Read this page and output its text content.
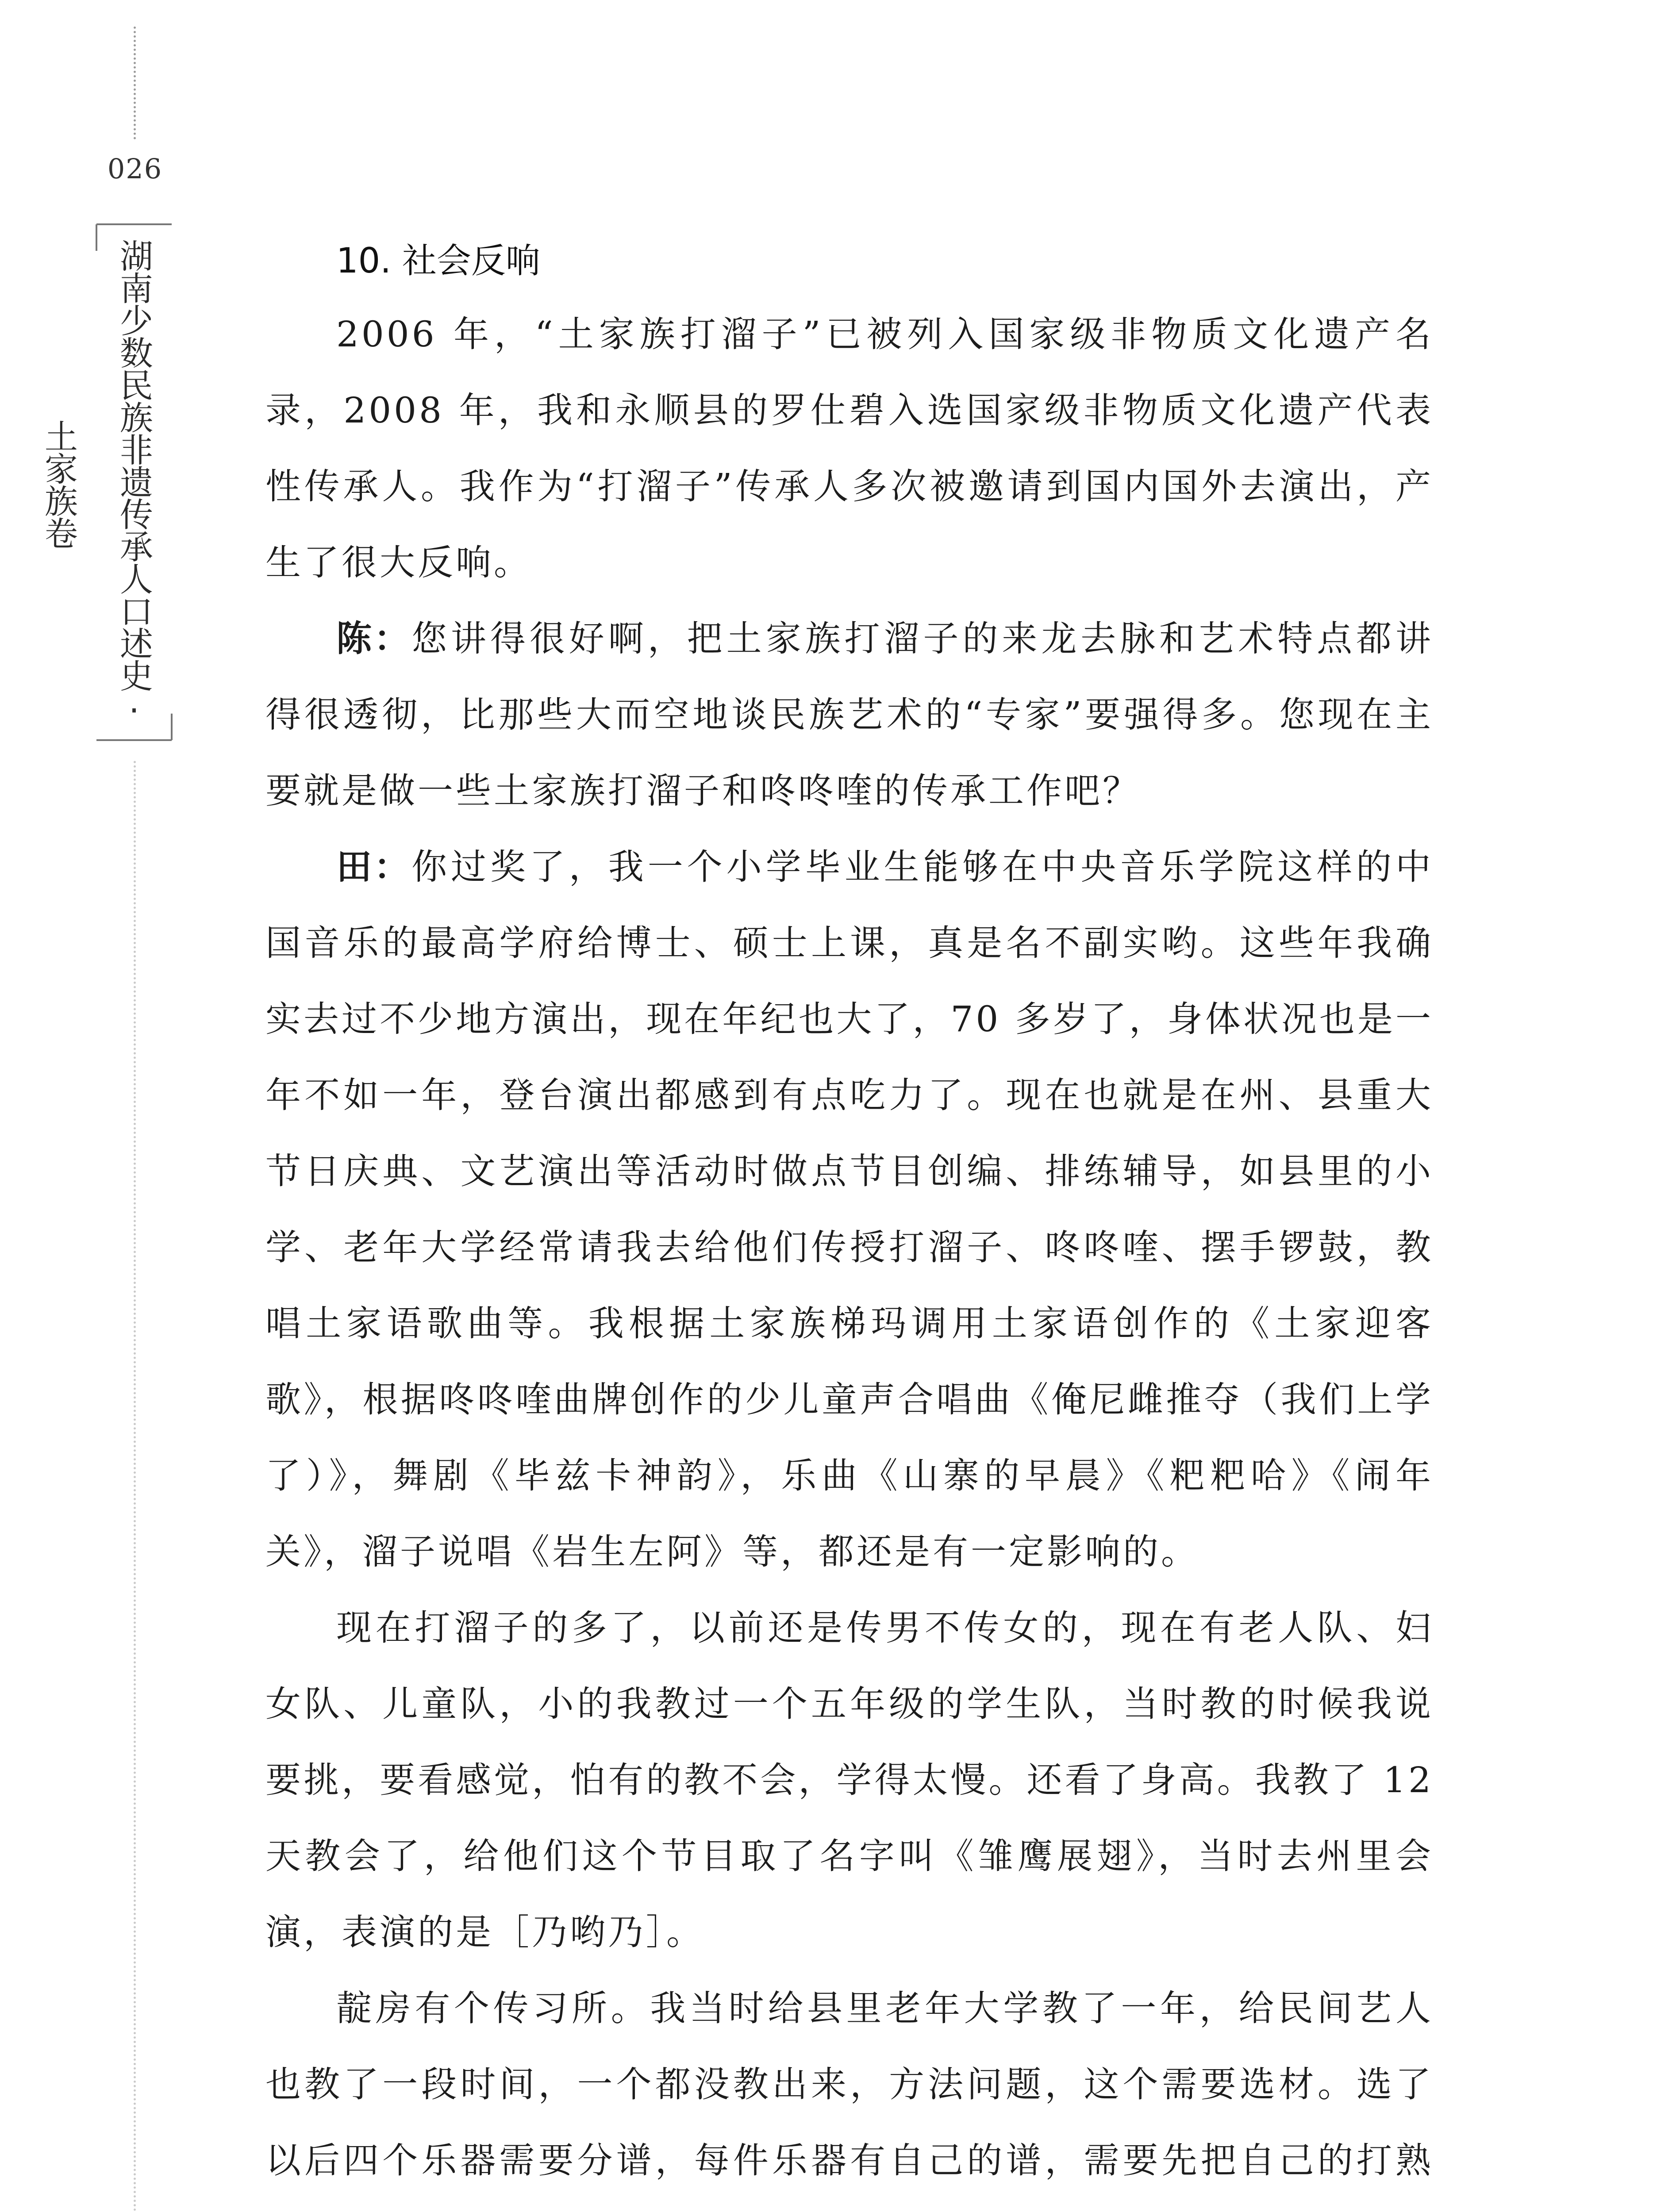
026
湖南少数民族非遗传承人口述史·土家族卷
10. 社会反响

2006 年，“土家族打溜子”已被列入国家级非物质文化遗产名录，2008 年，我和永顺县的罗仕碧入选国家级非物质文化遗产代表性传承人。我作为“打溜子”传承人多次被邀请到国内国外去演出，产生了很大反响。

陈：您讲得很好啊，把土家族打溜子的来龙去脉和艺术特点都讲得很透彻，比那些大而空地谈民族艺术的“专家”要强得多。您现在主要就是做一些土家族打溜子和咚咚喹的传承工作吧？

田：你过奖了，我一个小学毕业生能够在中央音乐学院这样的中国音乐的最高学府给博士、硕士上课，真是名不副实哟。这些年我确实去过不少地方演出，现在年纪也大了，70 多岁了，身体状况也是一年不如一年，登台演出都感到有点吃力了。现在也就是在州、县重大节日庆典、文艺演出等活动时做点节目创编、排练辅导，如县里的小学、老年大学经常请我去给他们传授打溜子、咚咚喹、摆手锣鼓，教唱土家语歌曲等。我根据土家族梯玛调用土家语创作的《土家迎客歌》，根据咚咚喹曲牌创作的少儿童声合唱曲《俺尼雌推夺（我们上学了）》，舞剧《毕兹卡神韵》，乐曲《山寨的早晨》《粑粑哈》《闹年关》，溜子说唱《岩生左阿》等，都还是有一定影响的。

现在打溜子的多了，以前还是传男不传女的，现在有老人队、妇女队、儿童队，小的我教过一个五年级的学生队，当时教的时候我说要挑，要看感觉，怕有的教不会，学得太慢。还看了身高。我教了 12 天教会了，给他们这个节目取了名字叫《雏鹰展翅》，当时去州里会演，表演的是［乃哟乃］。

靛房有个传习所。我当时给县里老年大学教了一年，给民间艺人也教了一段时间，一个都没教出来，方法问题，这个需要选材。选了以后四个乐器需要分谱，每件乐器有自己的谱，需要先把自己的打熟
